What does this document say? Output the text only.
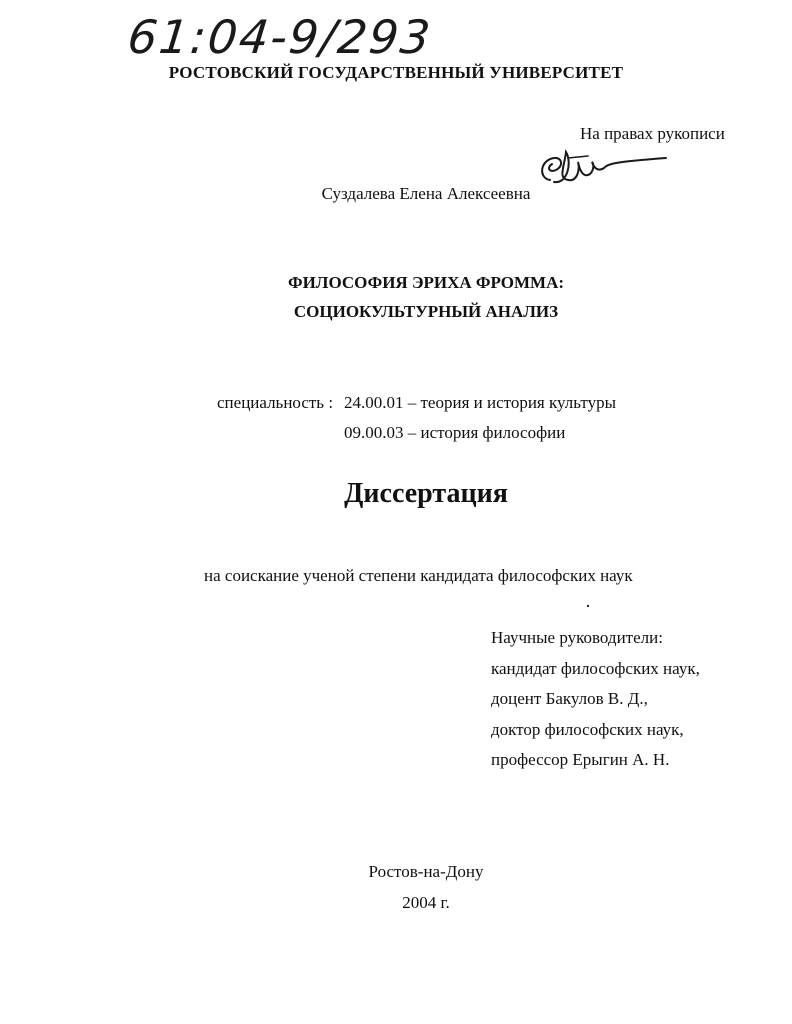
61:04-9/293
РОСТОВСКИЙ ГОСУДАРСТВЕННЫЙ УНИВЕРСИТЕТ
На правах рукописи
Суздалева Елена Алексеевна
ФИЛОСОФИЯ ЭРИХА ФРОММА:
СОЦИОКУЛЬТУРНЫЙ АНАЛИЗ
специальность : 24.00.01 – теория и история культуры
09.00.03 – история философии
Диссертация
на соискание ученой степени кандидата философских наук
Научные руководители:
кандидат философских наук,
доцент Бакулов В. Д.,
доктор философских наук,
профессор Ерыгин А. Н.
Ростов-на-Дону
2004 г.
